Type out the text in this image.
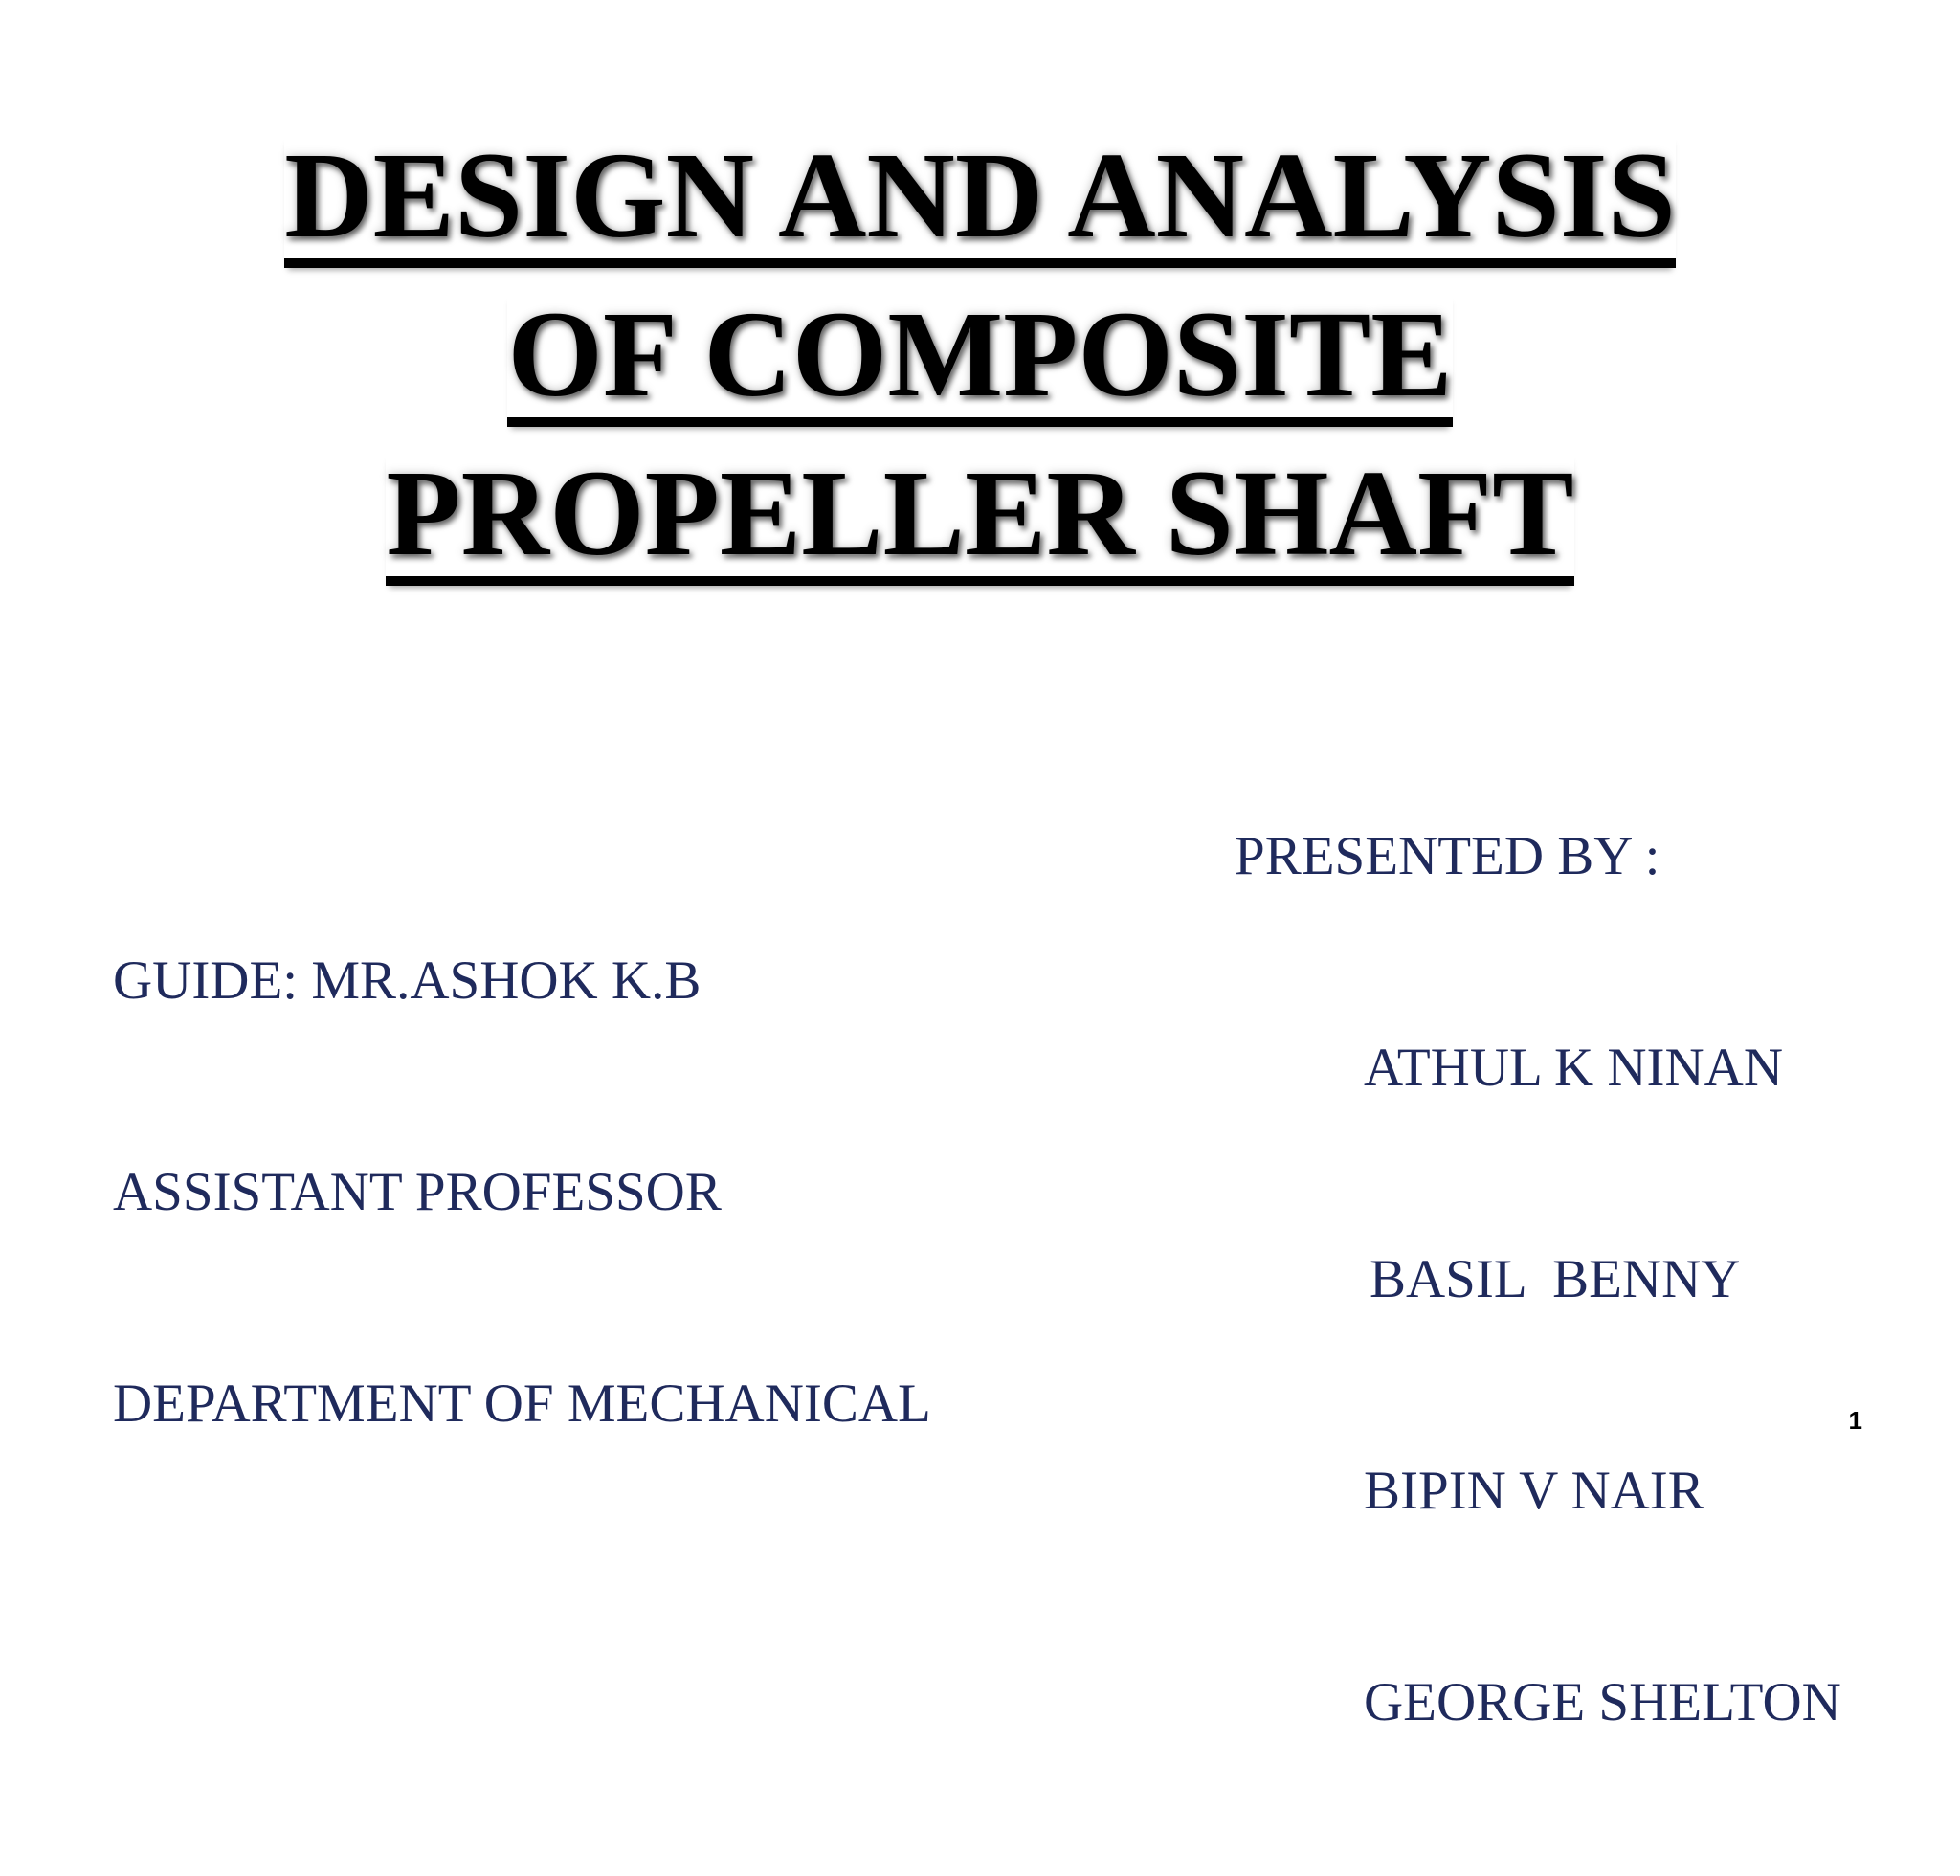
DESIGN AND ANALYSIS
OF COMPOSITE
PROPELLER SHAFT

GUIDE: MR.ASHOK K.B

ASSISTANT PROFESSOR

DEPARTMENT OF MECHANICAL

PRESENTED BY :

ATHUL K NINAN

BASIL  BENNY

BIPIN V NAIR

GEORGE SHELTON

1
